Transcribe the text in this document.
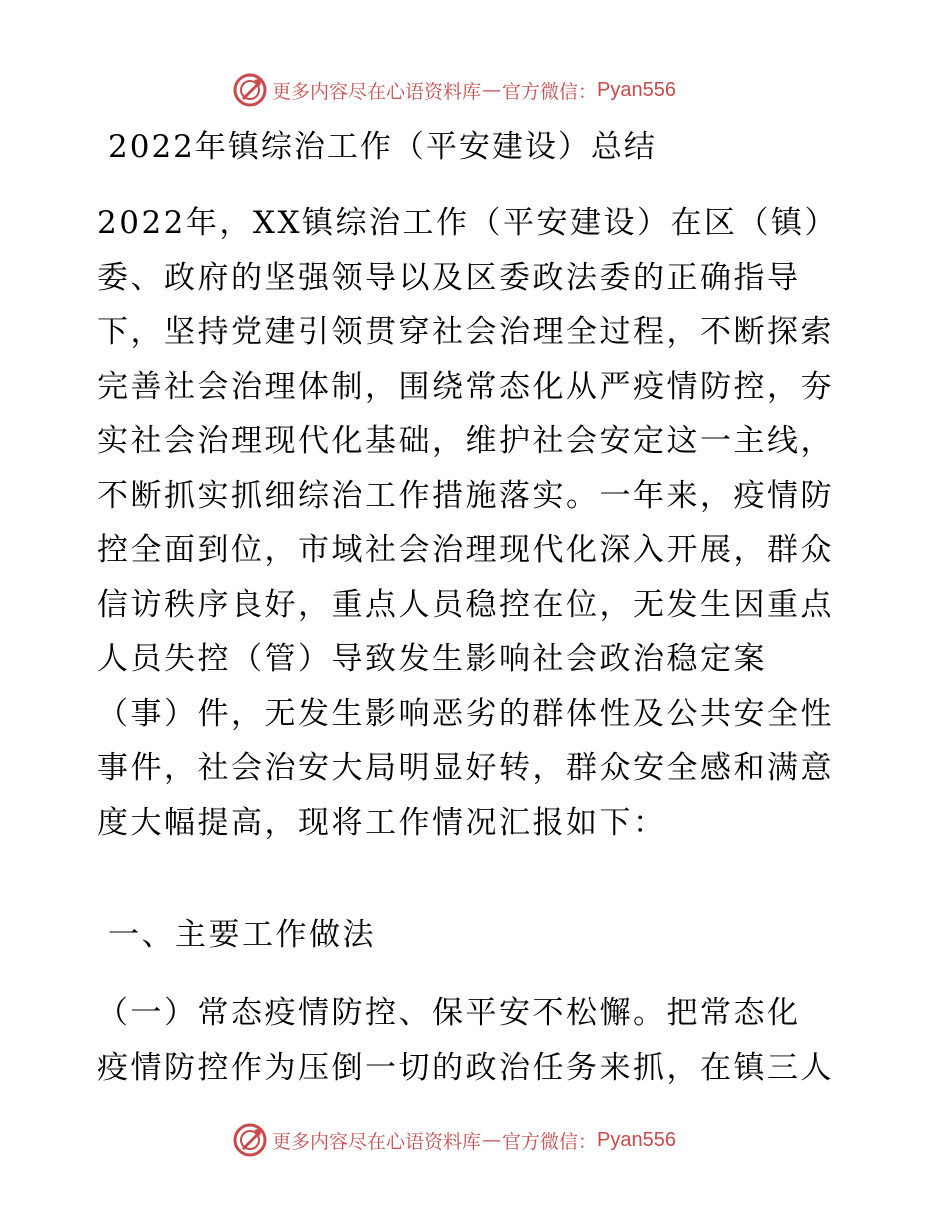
更多内容尽在心语资料库 — 官方微信： Pyan556
2022年镇综治工作（平安建设）总结
2022年，XX镇综治工作（平安建设）在区（镇）
委、政府的坚强领导以及区委政法委的正确指导
下，坚持党建引领贯穿社会治理全过程，不断探索
完善社会治理体制，围绕常态化从严疫情防控，夯
实社会治理现代化基础，维护社会安定这一主线，
不断抓实抓细综治工作措施落实。一年来，疫情防
控全面到位，市域社会治理现代化深入开展，群众
信访秩序良好，重点人员稳控在位，无发生因重点
人员失控（管）导致发生影响社会政治稳定案
（事）件，无发生影响恶劣的群体性及公共安全性
事件，社会治安大局明显好转，群众安全感和满意
度大幅提高，现将工作情况汇报如下：
一、主要工作做法
（一）常态疫情防控、保平安不松懈。把常态化
疫情防控作为压倒一切的政治任务来抓，在镇三人
更多内容尽在心语资料库 — 官方微信： Pyan556
